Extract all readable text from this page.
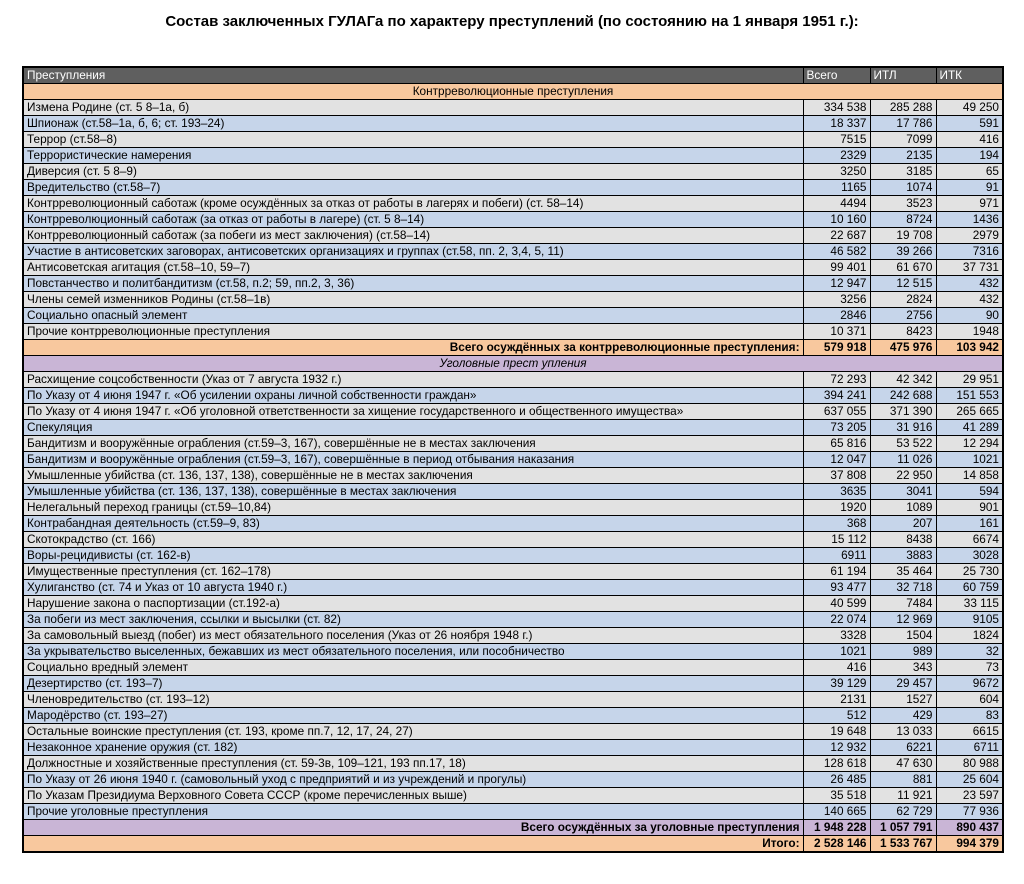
Состав заключенных ГУЛАГа по характеру преступлений (по состоянию на 1 января 1951 г.):
Преступления	Всего	ИТЛ	ИТК
Контрреволюционные преступления			
Измена Родине (ст. 5 8–1а, б)	334 538	285 288	49 250
Шпионаж (ст.58–1а, б, 6; ст. 193–24)	18 337	17 786	591
Террор (ст.58–8)	7515	7099	416
Террористические намерения	2329	2135	194
Диверсия (ст. 5 8–9)	3250	3185	65
Вредительство (ст.58–7)	1165	1074	91
Контрреволюционный саботаж (кроме осуждённых за отказ от работы в лагерях и побеги) (ст. 58–14)	4494	3523	971
Контрреволюционный саботаж (за отказ от работы в лагере) (ст. 5 8–14)	10 160	8724	1436
Контрреволюционный саботаж (за побеги из мест заключения) (ст.58–14)	22 687	19 708	2979
Участие в антисоветских заговорах, антисоветских организациях и группах (ст.58, пп. 2, 3,4, 5, 11)	46 582	39 266	7316
Антисоветская агитация (ст.58–10, 59–7)	99 401	61 670	37 731
Повстанчество и политбандитизм (ст.58, п.2; 59, пп.2, 3, 36)	12 947	12 515	432
Члены семей изменников Родины (ст.58–1в)	3256	2824	432
Социально опасный элемент	2846	2756	90
Прочие контрреволюционные преступления	10 371	8423	1948
Всего осуждённых за контрреволюционные преступления:	579 918	475 976	103 942
Уголовные прест упления			
Расхищение соцсобственности (Указ от 7 августа 1932 г.)	72 293	42 342	29 951
По Указу от 4 июня 1947 г. «Об усилении охраны личной собственности граждан»	394 241	242 688	151 553
По Указу от 4 июня 1947 г. «Об уголовной ответственности за хищение государственного и общественного имущества»	637 055	371 390	265 665
Спекуляция	73 205	31 916	41 289
Бандитизм и вооружённые ограбления (ст.59–3, 167), совершённые не в местах заключения	65 816	53 522	12 294
Бандитизм и вооружённые ограбления (ст.59–3, 167), совершённые в период отбывания наказания	12 047	11 026	1021
Умышленные убийства (ст. 136, 137, 138), совершённые не в местах заключения	37 808	22 950	14 858
Умышленные убийства (ст. 136, 137, 138), совершённые в местах заключения	3635	3041	594
Нелегальный переход границы (ст.59–10,84)	1920	1089	901
Контрабандная деятельность (ст.59–9, 83)	368	207	161
Скотокрадство (ст. 166)	15 112	8438	6674
Воры-рецидивисты (ст. 162-в)	6911	3883	3028
Имущественные преступления (ст. 162–178)	61 194	35 464	25 730
Хулиганство (ст. 74 и Указ от 10 августа 1940 г.)	93 477	32 718	60 759
Нарушение закона о паспортизации (ст.192-а)	40 599	7484	33 115
За побеги из мест заключения, ссылки и высылки (ст. 82)	22 074	12 969	9105
За самовольный выезд (побег) из мест обязательного поселения (Указ от 26 ноября 1948 г.)	3328	1504	1824
За укрывательство выселенных, бежавших из мест обязательного поселения, или пособничество	1021	989	32
Социально вредный элемент	416	343	73
Дезертирство (ст. 193–7)	39 129	29 457	9672
Членовредительство (ст. 193–12)	2131	1527	604
Мародёрство (ст. 193–27)	512	429	83
Остальные воинские преступления (ст. 193, кроме пп.7, 12, 17, 24, 27)	19 648	13 033	6615
Незаконное хранение оружия (ст. 182)	12 932	6221	6711
Должностные и хозяйственные преступления (ст. 59-3в, 109–121, 193 пп.17, 18)	128 618	47 630	80 988
По Указу от 26 июня 1940 г. (самовольный уход с предприятий и из учреждений и прогулы)	26 485	881	25 604
По Указам Президиума Верховного Совета СССР (кроме перечисленных выше)	35 518	11 921	23 597
Прочие уголовные преступления	140 665	62 729	77 936
Всего осуждённых за уголовные преступления	1 948 228	1 057 791	890 437
Итого:	2 528 146	1 533 767	994 379
